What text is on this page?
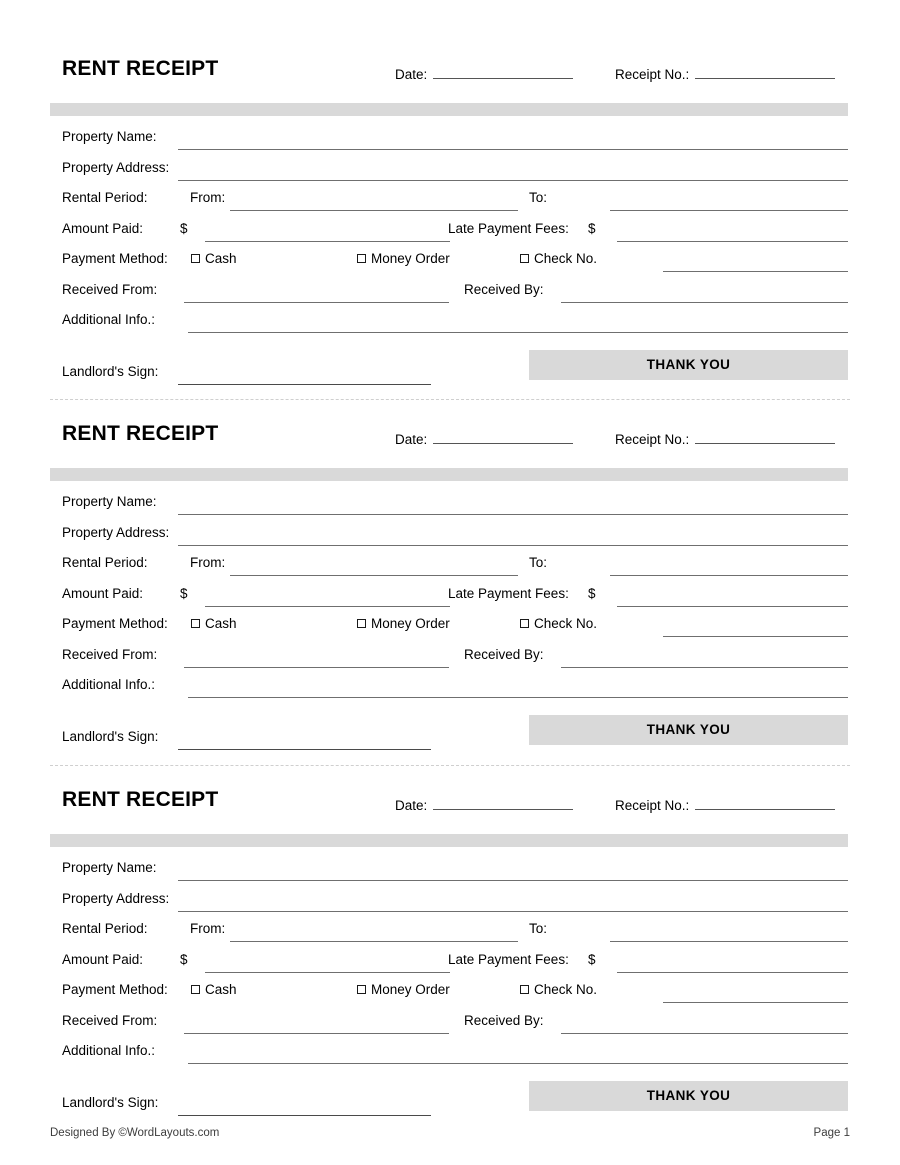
RENT RECEIPT	Date:	Receipt No.:
Property Name:
Property Address:
Rental Period:	From:	To:
Amount Paid:	$	Late Payment Fees: $
Payment Method:	Cash	Money Order	Check No.
Received From:	Received By:
Additional Info.:
Landlord's Sign:	THANK YOU
RENT RECEIPT	Date:	Receipt No.:
Property Name:
Property Address:
Rental Period:	From:	To:
Amount Paid:	$	Late Payment Fees: $
Payment Method:	Cash	Money Order	Check No.
Received From:	Received By:
Additional Info.:
Landlord's Sign:	THANK YOU
RENT RECEIPT	Date:	Receipt No.:
Property Name:
Property Address:
Rental Period:	From:	To:
Amount Paid:	$	Late Payment Fees: $
Payment Method:	Cash	Money Order	Check No.
Received From:	Received By:
Additional Info.:
Landlord's Sign:	THANK YOU
Designed By ©WordLayouts.com	Page 1
